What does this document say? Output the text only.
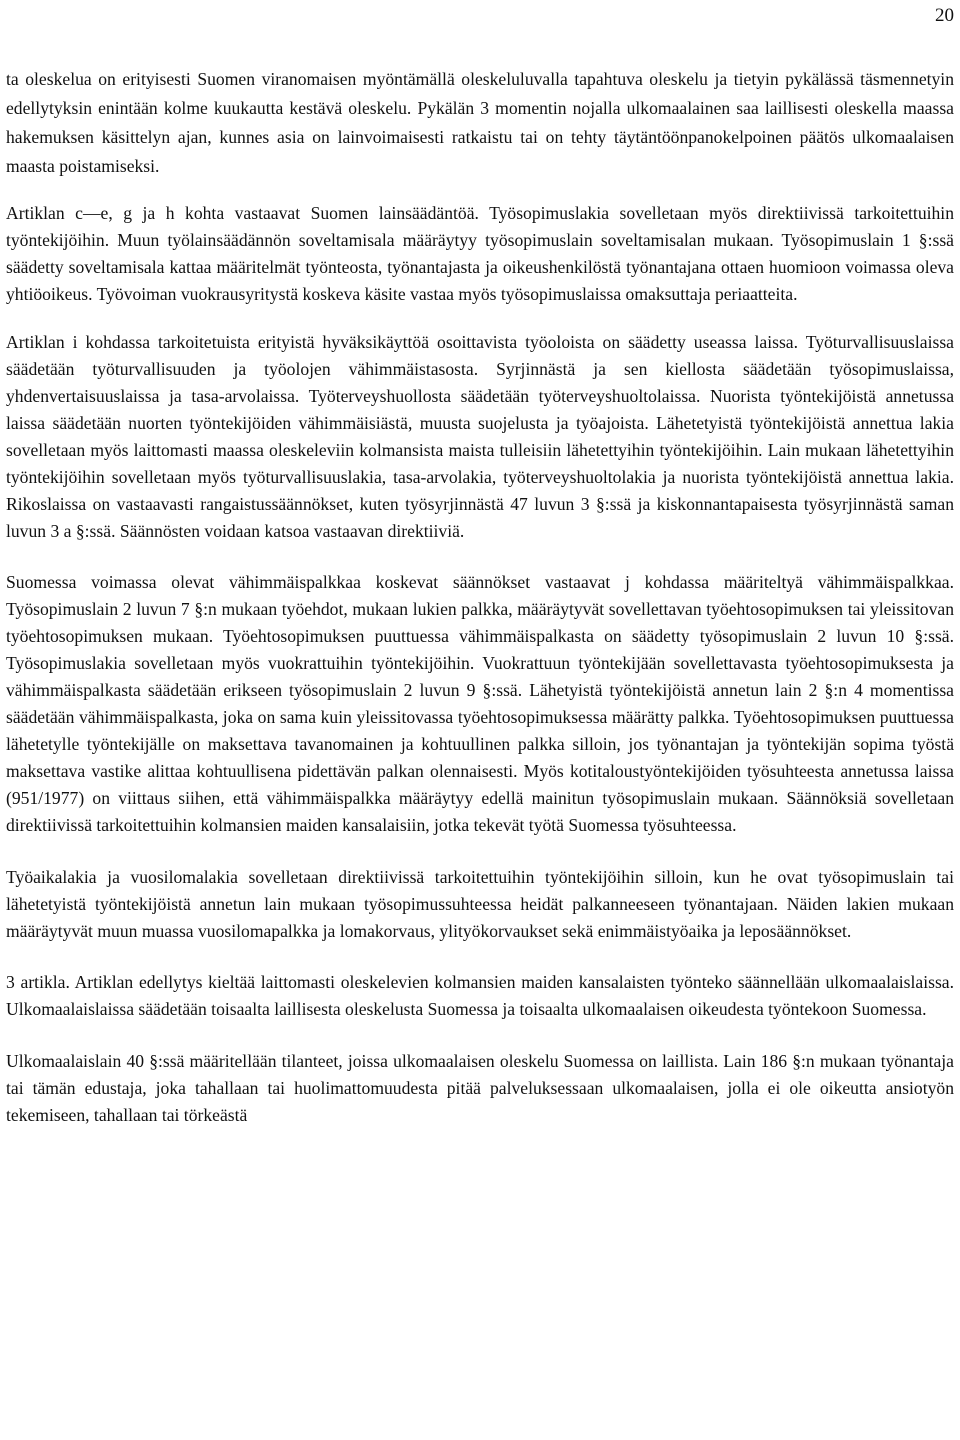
20

ta oleskelua on erityisesti Suomen viranomaisen myöntämällä oleskeluluvalla tapahtuva oleskelu ja tietyin pykälässä täsmennetyin edellytyksin enintään kolme kuukautta kestävä oleskelu. Pykälän 3 momentin nojalla ulkomaalainen saa laillisesti oleskella maassa hakemuksen käsittelyn ajan, kunnes asia on lainvoimaisesti ratkaistu tai on tehty täytäntöönpanokelpoinen päätös ulkomaalaisen maasta poistamiseksi.

Artiklan c—e, g ja h kohta vastaavat Suomen lainsäädäntöä. Työsopimuslakia sovelletaan myös direktiivissä tarkoitettuihin työntekijöihin. Muun työlainsäädännön soveltamisala määräytyy työsopimuslain soveltamisalan mukaan. Työsopimuslain 1 §:ssä säädetty soveltamisala kattaa määritelmät työnteosta, työnantajasta ja oikeushenkilöstä työnantajana ottaen huomioon voimassa oleva yhtiöoikeus. Työvoiman vuokrausyritystä koskeva käsite vastaa myös työsopimuslaissa omaksuttaja periaatteita.

Artiklan i kohdassa tarkoitetuista erityistä hyväksikäyttöä osoittavista työoloista on säädetty useassa laissa. Työturvallisuuslaissa säädetään työturvallisuuden ja työolojen vähimmäistasosta. Syrjinnästä ja sen kiellosta säädetään työsopimuslaissa, yhdenvertaisuuslaissa ja tasa-arvolaissa. Työterveyshuollosta säädetään työterveyshuoltolaissa. Nuorista työntekijöistä annetussa laissa säädetään nuorten työntekijöiden vähimmäisiästä, muusta suojelusta ja työajoista. Lähetetyistä työntekijöistä annettua lakia sovelletaan myös laittomasti maassa oleskeleviin kolmansista maista tulleisiin lähetettyihin työntekijöihin. Lain mukaan lähetettyihin työntekijöihin sovelletaan myös työturvallisuuslakia, tasa-arvolakia, työterveyshuoltolakia ja nuorista työntekijöistä annettua lakia. Rikoslaissa on vastaavasti rangaistussäännökset, kuten työsyrjinnästä 47 luvun 3 §:ssä ja kiskonnantapaisesta työsyrjinnästä saman luvun 3 a §:ssä. Säännösten voidaan katsoa vastaavan direktiiviä.

Suomessa voimassa olevat vähimmäispalkkaa koskevat säännökset vastaavat j kohdassa määriteltyä vähimmäispalkkaa. Työsopimuslain 2 luvun 7 §:n mukaan työehdot, mukaan lukien palkka, määräytyvät sovellettavan työehtosopimuksen tai yleissitovan työehtosopimuksen mukaan. Työehtosopimuksen puuttuessa vähimmäispalkasta on säädetty työsopimuslain 2 luvun 10 §:ssä. Työsopimuslakia sovelletaan myös vuokrattuihin työntekijöihin. Vuokrattuun työntekijään sovellettavasta työehtosopimuksesta ja vähimmäispalkasta säädetään erikseen työsopimuslain 2 luvun 9 §:ssä. Lähetyistä työntekijöistä annetun lain 2 §:n 4 momentissa säädetään vähimmäispalkasta, joka on sama kuin yleissitovassa työehtosopimuksessa määrätty palkka. Työehtosopimuksen puuttuessa lähetetylle työntekijälle on maksettava tavanomainen ja kohtuullinen palkka silloin, jos työnantajan ja työntekijän sopima työstä maksettava vastike alittaa kohtuullisena pidettävän palkan olennaisesti. Myös kotitaloustyöntekijöiden työsuhteesta annetussa laissa (951/1977) on viittaus siihen, että vähimmäispalkka määräytyy edellä mainitun työsopimuslain mukaan. Säännöksiä sovelletaan direktiivissä tarkoitettuihin kolmansien maiden kansalaisiin, jotka tekevät työtä Suomessa työsuhteessa.

Työaikalakia ja vuosilomalakia sovelletaan direktiivissä tarkoitettuihin työntekijöihin silloin, kun he ovat työsopimuslain tai lähetetyistä työntekijöistä annetun lain mukaan työsopimussuhteessa heidät palkanneeseen työnantajaan. Näiden lakien mukaan määräytyvät muun muassa vuosilomapalkka ja lomakorvaus, ylityökorvaukset sekä enimmäistyöaika ja leposäännökset.

3 artikla. Artiklan edellytys kieltää laittomasti oleskelevien kolmansien maiden kansalaisten työnteko säännellään ulkomaalaislaissa. Ulkomaalaislaissa säädetään toisaalta laillisesta oleskelusta Suomessa ja toisaalta ulkomaalaisen oikeudesta työntekoon Suomessa.

Ulkomaalaislain 40 §:ssä määritellään tilanteet, joissa ulkomaalaisen oleskelu Suomessa on laillista. Lain 186 §:n mukaan työnantaja tai tämän edustaja, joka tahallaan tai huolimattomuudesta pitää palveluksessaan ulkomaalaisen, jolla ei ole oikeutta ansiotyön tekemiseen, tahallaan tai törkeästä
